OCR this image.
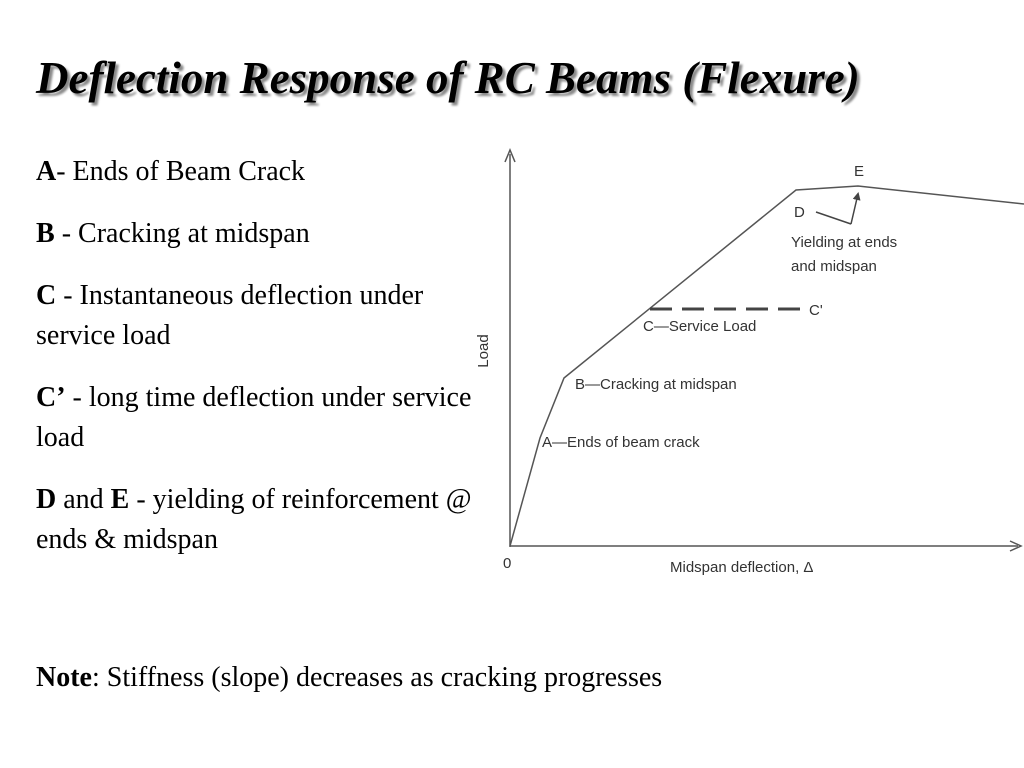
Deflection Response of RC Beams (Flexure)

A- Ends of Beam Crack

B - Cracking at midspan

C - Instantaneous deflection under service load

C’ - long time deflection under service load

D and E - yielding of reinforcement @ ends & midspan

Note: Stiffness (slope) decreases as cracking progresses

Load
Midspan deflection, Δ
0
A—Ends of beam crack
B—Cracking at midspan
C—Service Load
C'
D
E
Yielding at ends
and midspan
